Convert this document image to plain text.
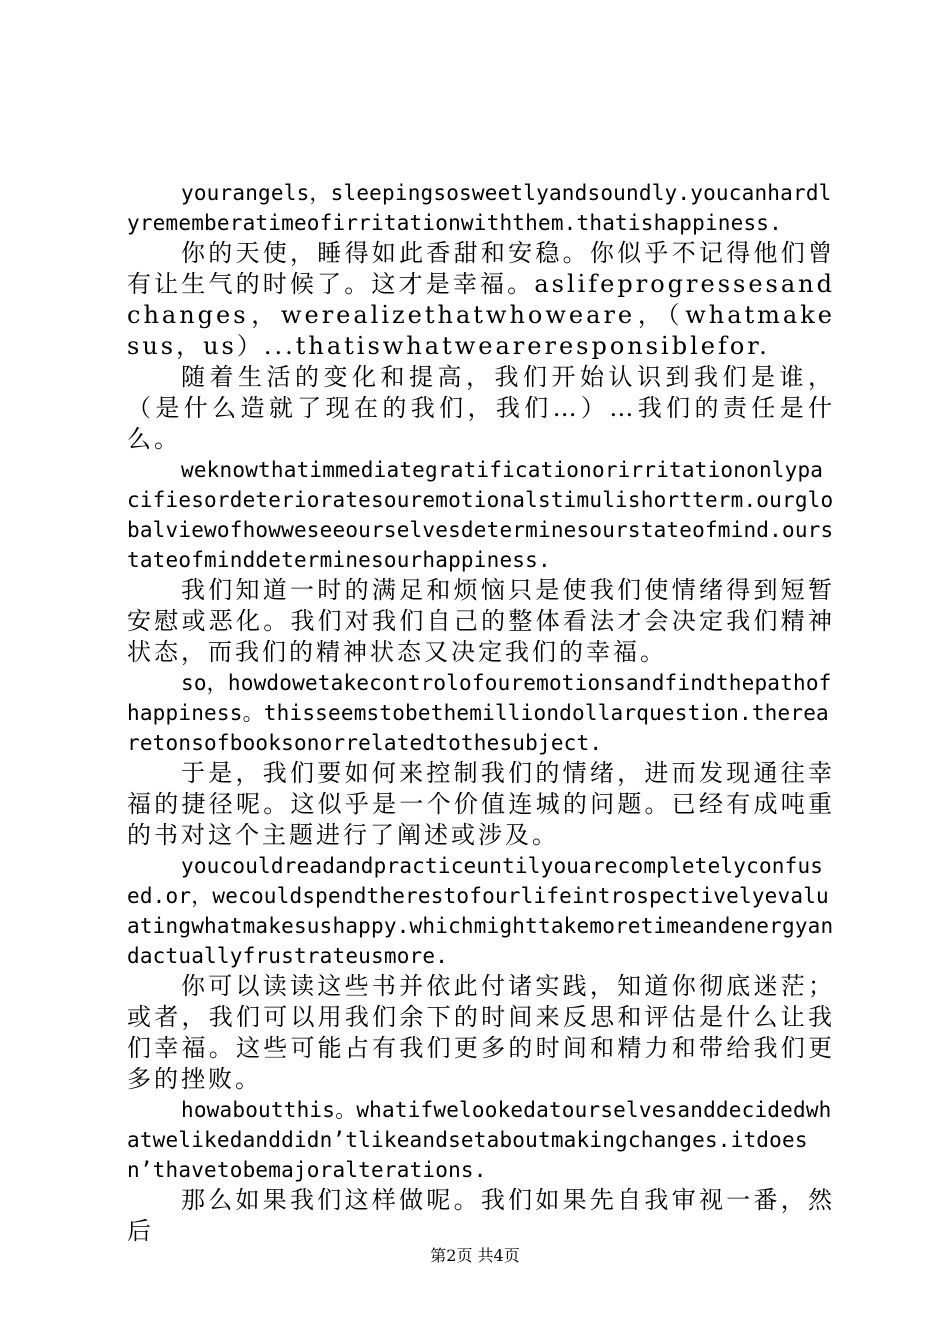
yourangels，sleepingsosweetlyandsoundly.youcanhardlyrememberatimeofirritationwiththem.thatishappiness.

你的天使，睡得如此香甜和安稳。你似乎不记得他们曾有让生气的时候了。这才是幸福。aslifeprogressesandchanges，werealizethatwhoweare，（whatmakesus，us）...thatiswhatweareresponsiblefor.

随着生活的变化和提高，我们开始认识到我们是谁，（是什么造就了现在的我们，我们…）…我们的责任是什么。

weknowthatimmediategratificationorirritationonlypacifiesordeterioratesouremotionalstimulishortterm.ourglobalviewofhowweseeourselvesdeterminesourstateofmind.ourstateofminddeterminesourhappiness.

我们知道一时的满足和烦恼只是使我们使情绪得到短暂安慰或恶化。我们对我们自己的整体看法才会决定我们精神状态，而我们的精神状态又决定我们的幸福。

so，howdowetakecontrolofouremotionsandfindthepathofhappiness。thisseemstobethemilliondollarquestion.therearetonsofbooksonorrelatedtothesubject.

于是，我们要如何来控制我们的情绪，进而发现通往幸福的捷径呢。这似乎是一个价值连城的问题。已经有成吨重的书对这个主题进行了阐述或涉及。

youcouldreadandpracticeuntilyouarecompletelyconfused.or，wecouldspendtherestofourlifeintrospectivelyevaluatingwhatmakesushappy.whichmighttakemoretimeandenergyandactuallyfrustrateusmore.

你可以读读这些书并依此付诸实践，知道你彻底迷茫；或者，我们可以用我们余下的时间来反思和评估是什么让我们幸福。这些可能占有我们更多的时间和精力和带给我们更多的挫败。

howaboutthis。whatifwelookedatourselvesanddecidedwhatwelikedanddidn’tlikeandsetaboutmakingchanges.itdoesn’thavetobemajoralterations.

那么如果我们这样做呢。我们如果先自我审视一番，然后

第2页 共4页
